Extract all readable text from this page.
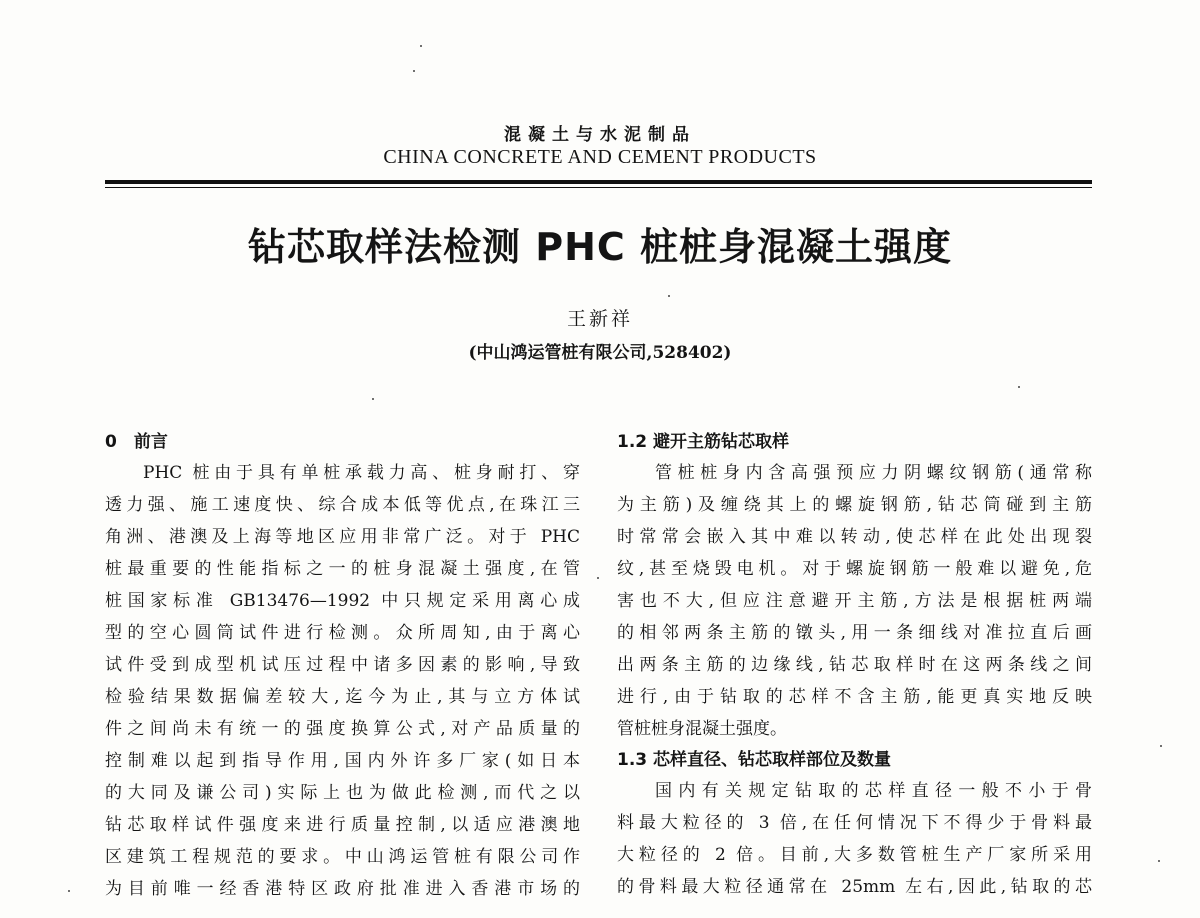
混凝土与水泥制品
CHINA CONCRETE AND CEMENT PRODUCTS
钻芯取样法检测 PHC 桩桩身混凝土强度
王新祥
(中山鸿运管桩有限公司,528402)
0　前言
PHC 桩由于具有单桩承载力高、桩身耐打、穿
透力强、施工速度快、综合成本低等优点,在珠江三
角洲、港澳及上海等地区应用非常广泛。对于 PHC
桩最重要的性能指标之一的桩身混凝土强度,在管
桩国家标准 GB13476—1992 中只规定采用离心成
型的空心圆筒试件进行检测。众所周知,由于离心
试件受到成型机试压过程中诸多因素的影响,导致
检验结果数据偏差较大,迄今为止,其与立方体试
件之间尚未有统一的强度换算公式,对产品质量的
控制难以起到指导作用,国内外许多厂家(如日本
的大同及谦公司)实际上也为做此检测,而代之以
钻芯取样试件强度来进行质量控制,以适应港澳地
区建筑工程规范的要求。中山鸿运管桩有限公司作
为目前唯一经香港特区政府批准进入香港市场的
1.2 避开主筋钻芯取样
管桩桩身内含高强预应力阴螺纹钢筋(通常称
为主筋)及缠绕其上的螺旋钢筋,钻芯筒碰到主筋
时常常会嵌入其中难以转动,使芯样在此处出现裂
纹,甚至烧毁电机。对于螺旋钢筋一般难以避免,危
害也不大,但应注意避开主筋,方法是根据桩两端
的相邻两条主筋的镦头,用一条细线对准拉直后画
出两条主筋的边缘线,钻芯取样时在这两条线之间
进行,由于钻取的芯样不含主筋,能更真实地反映
管桩桩身混凝土强度。
1.3 芯样直径、钻芯取样部位及数量
国内有关规定钻取的芯样直径一般不小于骨
料最大粒径的 3 倍,在任何情况下不得少于骨料最
大粒径的 2 倍。目前,大多数管桩生产厂家所采用
的骨料最大粒径通常在 25mm 左右,因此,钻取的芯
